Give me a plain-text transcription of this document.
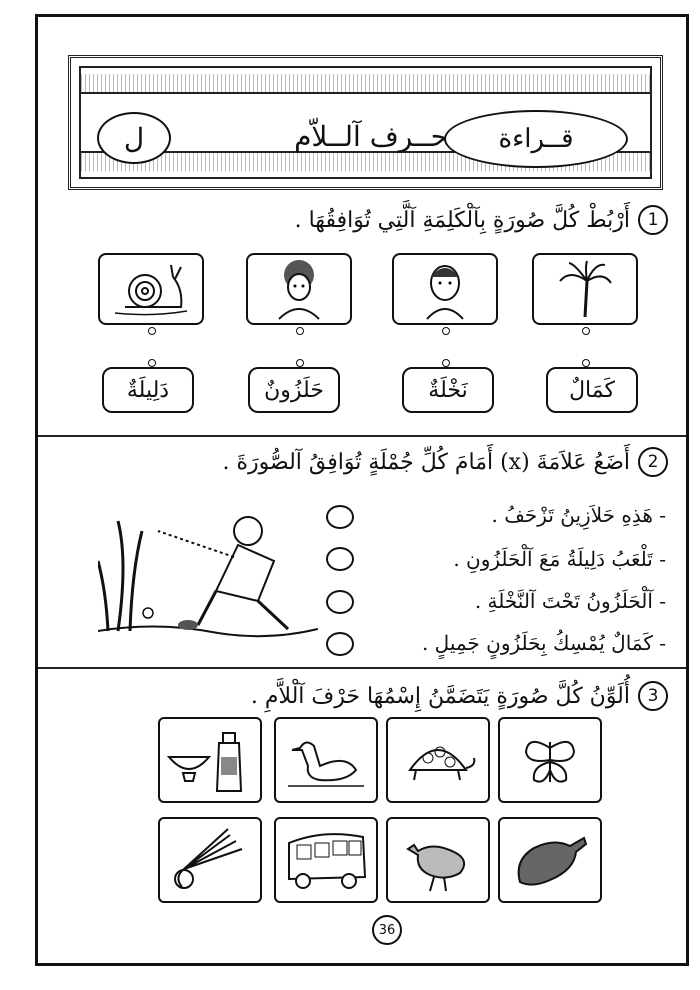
قــراءة
حــرف آلــلاّم
ل
1
أَرْبُطْ كُلَّ صُورَةٍ بِآلْكَلِمَةِ آلَّتِي تُوَافِقُهَا .
كَمَالٌ
نَخْلَةٌ
حَلَزُونٌ
دَلِيلَةٌ
2
أَضَعُ عَلاَمَةَ (x) أَمَامَ كُلِّ جُمْلَةٍ تُوَافِقُ آلصُّورَةَ .
- هَذِهِ حَلاَزِينُ تَزْحَفُ .
- تَلْعَبُ دَلِيلَةُ مَعَ آلْحَلَزُونِ .
- آلْحَلَزُونُ تَحْتَ آلنَّخْلَةِ .
- كَمَالٌ يُمْسِكُ بِحَلَزُونٍ جَمِيلٍ .
3
أُلَوِّنُ كُلَّ صُورَةٍ يَتَضَمَّنُ إِسْمُهَا حَرْفَ آلْلاَّمِ .
36
